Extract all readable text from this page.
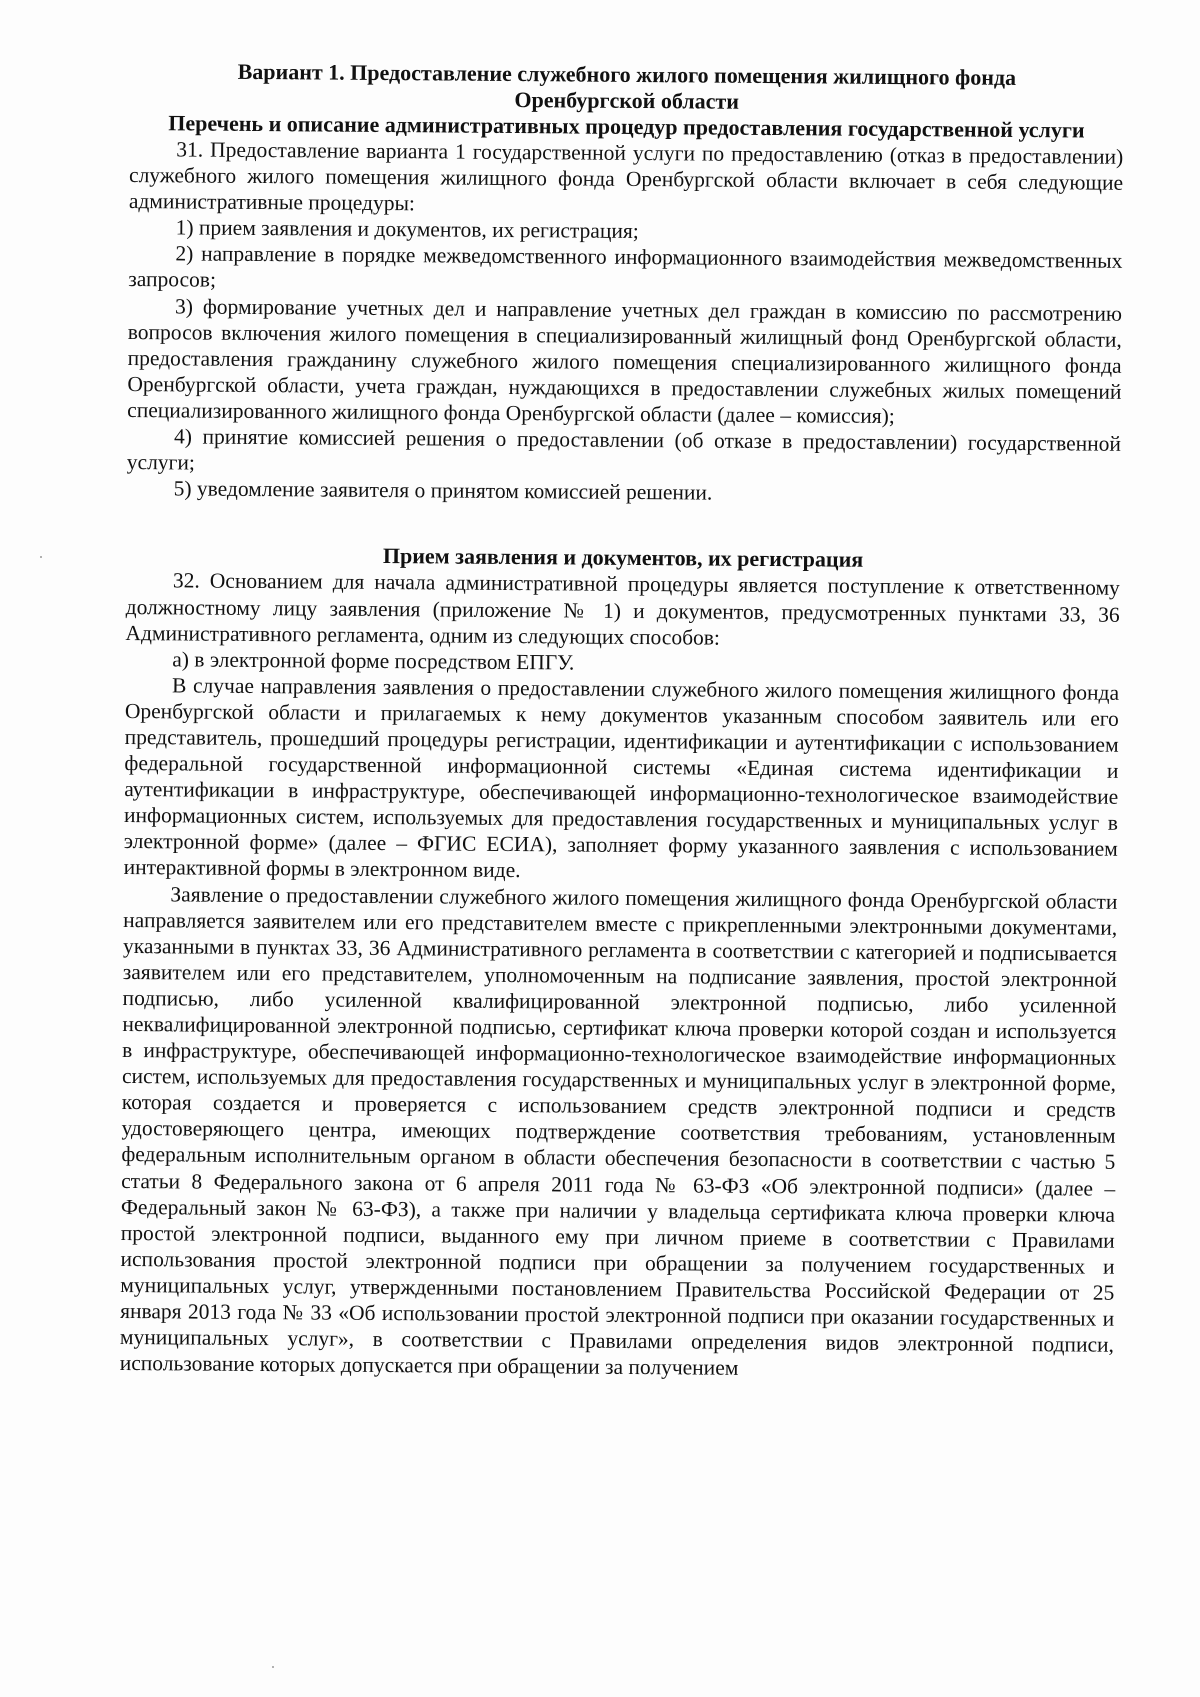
Вариант 1. Предоставление служебного жилого помещения жилищного фонда Оренбургской области

Перечень и описание административных процедур предоставления государственной услуги

31. Предоставление варианта 1 государственной услуги по предоставлению (отказ в предоставлении) служебного жилого помещения жилищного фонда Оренбургской области включает в себя следующие административные процедуры:

1) прием заявления и документов, их регистрация;

2) направление в порядке межведомственного информационного взаимодействия межведомственных запросов;

3) формирование учетных дел и направление учетных дел граждан в комиссию по рассмотрению вопросов включения жилого помещения в специализированный жилищный фонд Оренбургской области, предоставления гражданину служебного жилого помещения специализированного жилищного фонда Оренбургской области, учета граждан, нуждающихся в предоставлении служебных жилых помещений специализированного жилищного фонда Оренбургской области (далее – комиссия);

4) принятие комиссией решения о предоставлении (об отказе в предоставлении) государственной услуги;

5) уведомление заявителя о принятом комиссией решении.

Прием заявления и документов, их регистрация

32. Основанием для начала административной процедуры является поступление к ответственному должностному лицу заявления (приложение № 1) и документов, предусмотренных пунктами 33, 36 Административного регламента, одним из следующих способов:

а) в электронной форме посредством ЕПГУ.

В случае направления заявления о предоставлении служебного жилого помещения жилищного фонда Оренбургской области и прилагаемых к нему документов указанным способом заявитель или его представитель, прошедший процедуры регистрации, идентификации и аутентификации с использованием федеральной государственной информационной системы «Единая система идентификации и аутентификации в инфраструктуре, обеспечивающей информационно-технологическое взаимодействие информационных систем, используемых для предоставления государственных и муниципальных услуг в электронной форме» (далее – ФГИС ЕСИА), заполняет форму указанного заявления с использованием интерактивной формы в электронном виде.

Заявление о предоставлении служебного жилого помещения жилищного фонда Оренбургской области направляется заявителем или его представителем вместе с прикрепленными электронными документами, указанными в пунктах 33, 36 Административного регламента в соответствии с категорией и подписывается заявителем или его представителем, уполномоченным на подписание заявления, простой электронной подписью, либо усиленной квалифицированной электронной подписью, либо усиленной неквалифицированной электронной подписью, сертификат ключа проверки которой создан и используется в инфраструктуре, обеспечивающей информационно-технологическое взаимодействие информационных систем, используемых для предоставления государственных и муниципальных услуг в электронной форме, которая создается и проверяется с использованием средств электронной подписи и средств удостоверяющего центра, имеющих подтверждение соответствия требованиям, установленным федеральным исполнительным органом в области обеспечения безопасности в соответствии с частью 5 статьи 8 Федерального закона от 6 апреля 2011 года № 63-ФЗ «Об электронной подписи» (далее – Федеральный закон № 63-ФЗ), а также при наличии у владельца сертификата ключа проверки ключа простой электронной подписи, выданного ему при личном приеме в соответствии с Правилами использования простой электронной подписи при обращении за получением государственных и муниципальных услуг, утвержденными постановлением Правительства Российской Федерации от 25 января 2013 года № 33 «Об использовании простой электронной подписи при оказании государственных и муниципальных услуг», в соответствии с Правилами определения видов электронной подписи, использование которых допускается при обращении за получением
